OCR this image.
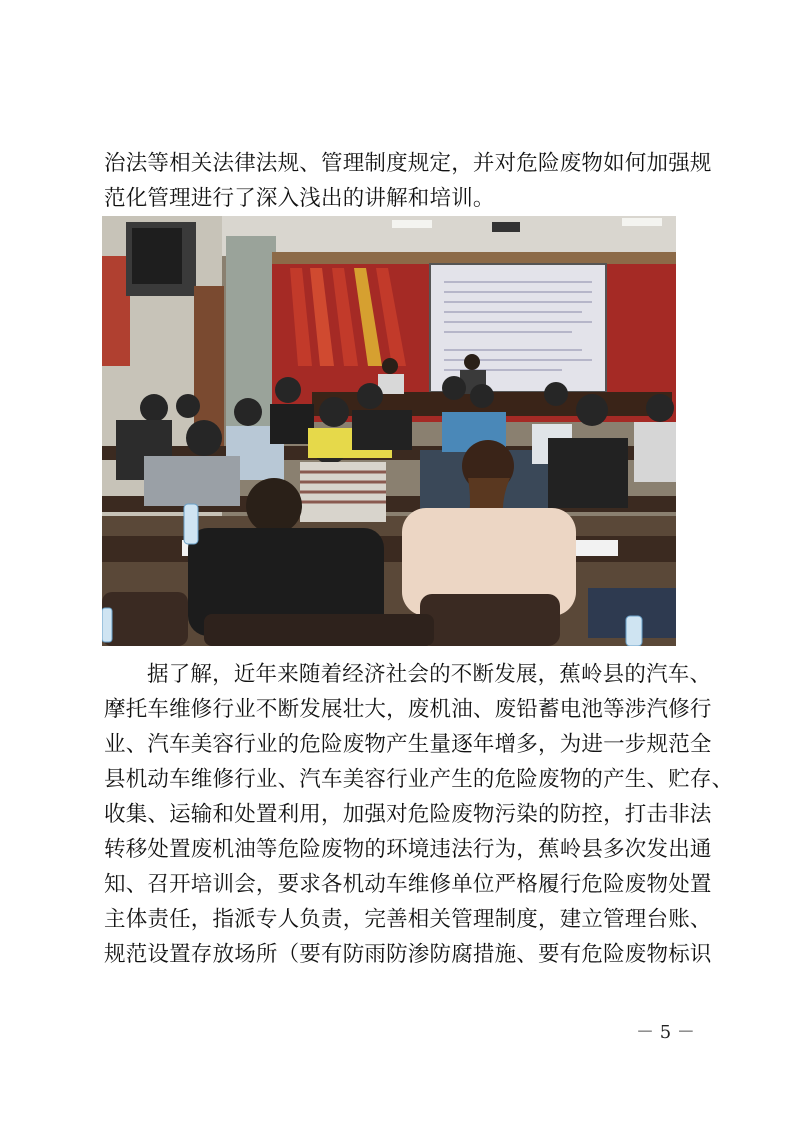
治法等相关法律法规、管理制度规定，并对危险废物如何加强规
范化管理进行了深入浅出的讲解和培训。
据了解，近年来随着经济社会的不断发展，蕉岭县的汽车、
摩托车维修行业不断发展壮大，废机油、废铅蓄电池等涉汽修行
业、汽车美容行业的危险废物产生量逐年增多，为进一步规范全
县机动车维修行业、汽车美容行业产生的危险废物的产生、贮存、
收集、运输和处置利用，加强对危险废物污染的防控，打击非法
转移处置废机油等危险废物的环境违法行为，蕉岭县多次发出通
知、召开培训会，要求各机动车维修单位严格履行危险废物处置
主体责任，指派专人负责，完善相关管理制度，建立管理台账、
规范设置存放场所（要有防雨防渗防腐措施、要有危险废物标识
－ 5 －
